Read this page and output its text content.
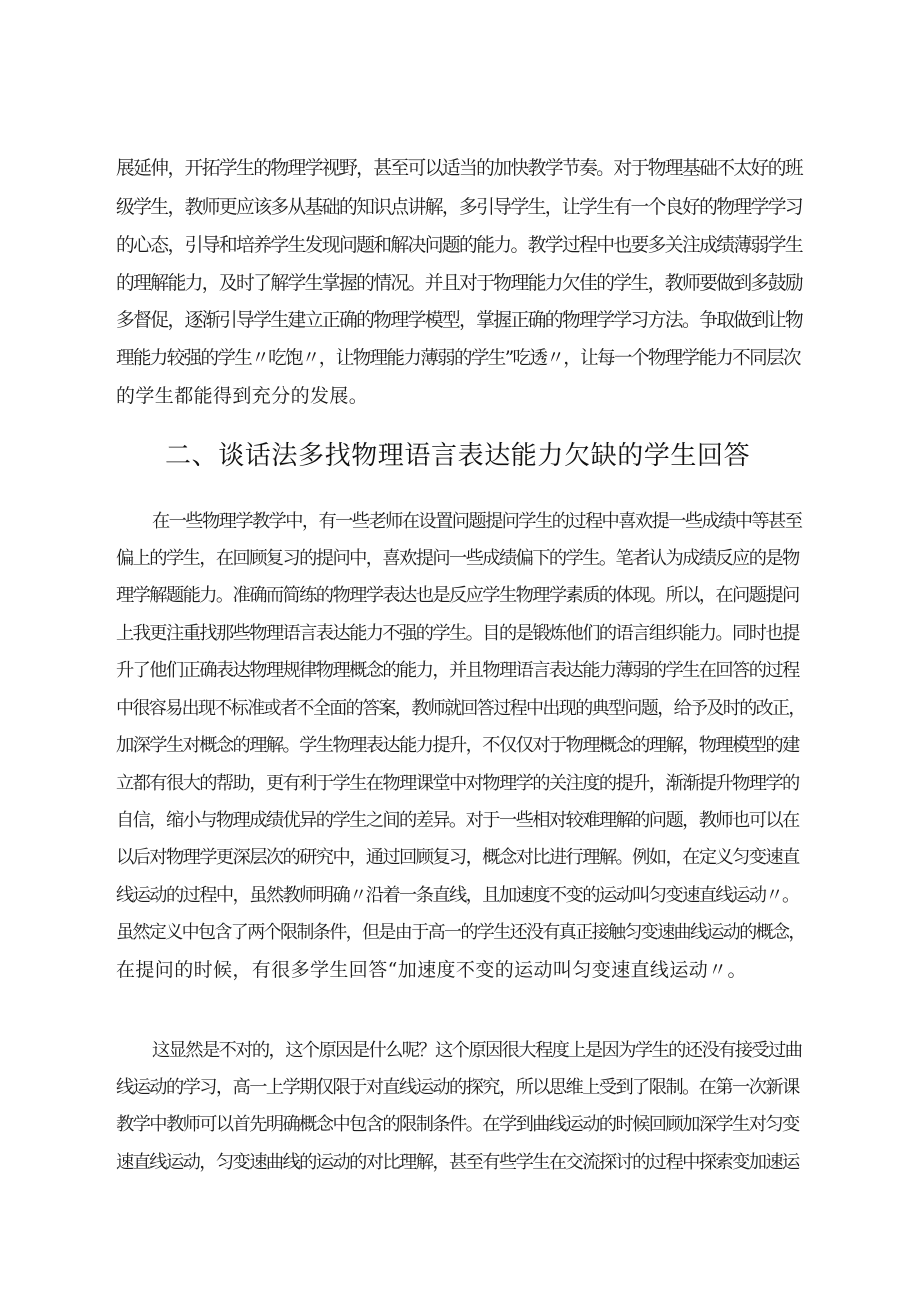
展延伸，开拓学生的物理学视野，甚至可以适当的加快教学节奏。对于物理基础不太好的班
级学生，教师更应该多从基础的知识点讲解，多引导学生，让学生有一个良好的物理学学习
的心态，引导和培养学生发现问题和解决问题的能力。教学过程中也要多关注成绩薄弱学生
的理解能力，及时了解学生掌握的情况。并且对于物理能力欠佳的学生，教师要做到多鼓励
多督促，逐渐引导学生建立正确的物理学模型，掌握正确的物理学学习方法。争取做到让物
理能力较强的学生〃吃饱〃，让物理能力薄弱的学生”吃透〃，让每一个物理学能力不同层次
的学生都能得到充分的发展。
二、谈话法多找物理语言表达能力欠缺的学生回答
在一些物理学教学中，有一些老师在设置问题提问学生的过程中喜欢提一些成绩中等甚至
偏上的学生，在回顾复习的提问中，喜欢提问一些成绩偏下的学生。笔者认为成绩反应的是物
理学解题能力。准确而简练的物理学表达也是反应学生物理学素质的体现。所以，在问题提问
上我更注重找那些物理语言表达能力不强的学生。目的是锻炼他们的语言组织能力。同时也提
升了他们正确表达物理规律物理概念的能力，并且物理语言表达能力薄弱的学生在回答的过程
中很容易出现不标准或者不全面的答案，教师就回答过程中出现的典型问题，给予及时的改正，
加深学生对概念的理解。学生物理表达能力提升，不仅仅对于物理概念的理解，物理模型的建
立都有很大的帮助，更有利于学生在物理课堂中对物理学的关注度的提升，渐渐提升物理学的
自信，缩小与物理成绩优异的学生之间的差异。对于一些相对较难理解的问题，教师也可以在
以后对物理学更深层次的研究中，通过回顾复习，概念对比进行理解。例如，在定义匀变速直
线运动的过程中，虽然教师明确〃沿着一条直线，且加速度不变的运动叫匀变速直线运动〃。
虽然定义中包含了两个限制条件，但是由于高一的学生还没有真正接触匀变速曲线运动的概念，
在提问的时候，有很多学生回答“加速度不变的运动叫匀变速直线运动〃。
这显然是不对的，这个原因是什么呢？这个原因很大程度上是因为学生的还没有接受过曲
线运动的学习，高一上学期仅限于对直线运动的探究，所以思维上受到了限制。在第一次新课
教学中教师可以首先明确概念中包含的限制条件。在学到曲线运动的时候回顾加深学生对匀变
速直线运动，匀变速曲线的运动的对比理解，甚至有些学生在交流探讨的过程中探索变加速运
